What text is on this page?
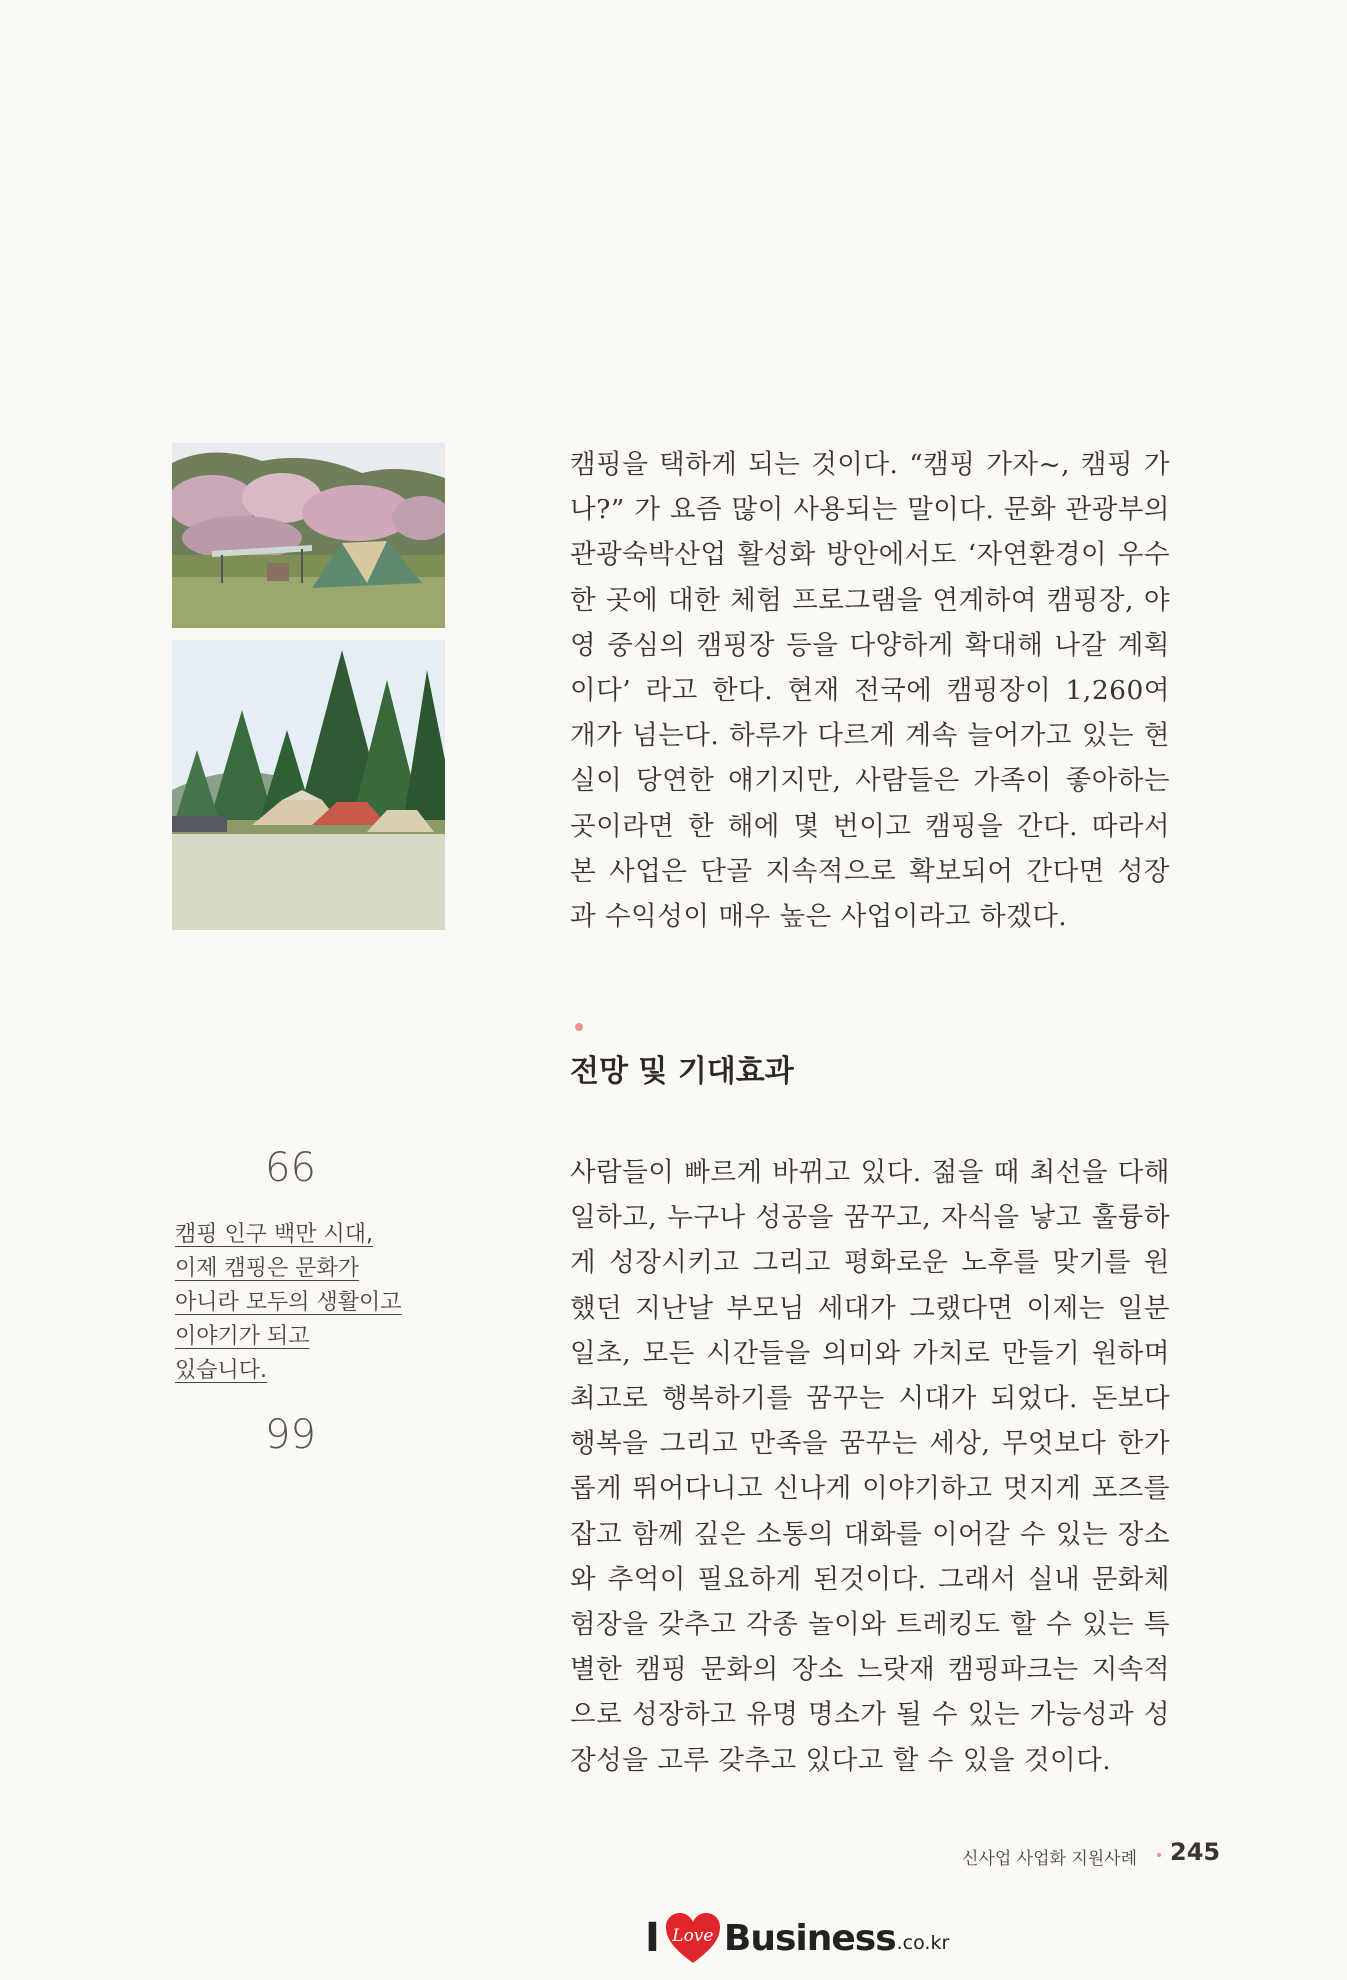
캠핑을 택하게 되는 것이다. “캠핑 가자~, 캠핑 가나?” 가 요즘 많이 사용되는 말이다. 문화 관광부의 관광숙박산업 활성화 방안에서도 ‘자연환경이 우수한 곳에 대한 체험 프로그램을 연계하여 캠핑장, 야영 중심의 캠핑장 등을 다양하게 확대해 나갈 계획이다’ 라고 한다. 현재 전국에 캠핑장이 1,260여 개가 넘는다. 하루가 다르게 계속 늘어가고 있는 현실이 당연한 얘기지만, 사람들은 가족이 좋아하는 곳이라면 한 해에 몇 번이고 캠핑을 간다. 따라서 본 사업은 단골 지속적으로 확보되어 간다면 성장과 수익성이 매우 높은 사업이라고 하겠다.

전망 및 기대효과
66
캠핑 인구 백만 시대,
이제 캠핑은 문화가
아니라 모두의 생활이고
이야기가 되고
있습니다.
99

사람들이 빠르게 바뀌고 있다. 젊을 때 최선을 다해 일하고, 누구나 성공을 꿈꾸고, 자식을 낳고 훌륭하게 성장시키고 그리고 평화로운 노후를 맞기를 원했던 지난날 부모님 세대가 그랬다면 이제는 일분 일초, 모든 시간들을 의미와 가치로 만들기 원하며 최고로 행복하기를 꿈꾸는 시대가 되었다. 돈보다 행복을 그리고 만족을 꿈꾸는 세상, 무엇보다 한가롭게 뛰어다니고 신나게 이야기하고 멋지게 포즈를 잡고 함께 깊은 소통의 대화를 이어갈 수 있는 장소와 추억이 필요하게 된것이다. 그래서 실내 문화체험장을 갖추고 각종 놀이와 트레킹도 할 수 있는 특별한 캠핑 문화의 장소 느랏재 캠핑파크는 지속적으로 성장하고 유명 명소가 될 수 있는 가능성과 성장성을 고루 갖추고 있다고 할 수 있을 것이다.

신사업 사업화 지원사례 • 245
I Love Business .co.kr
